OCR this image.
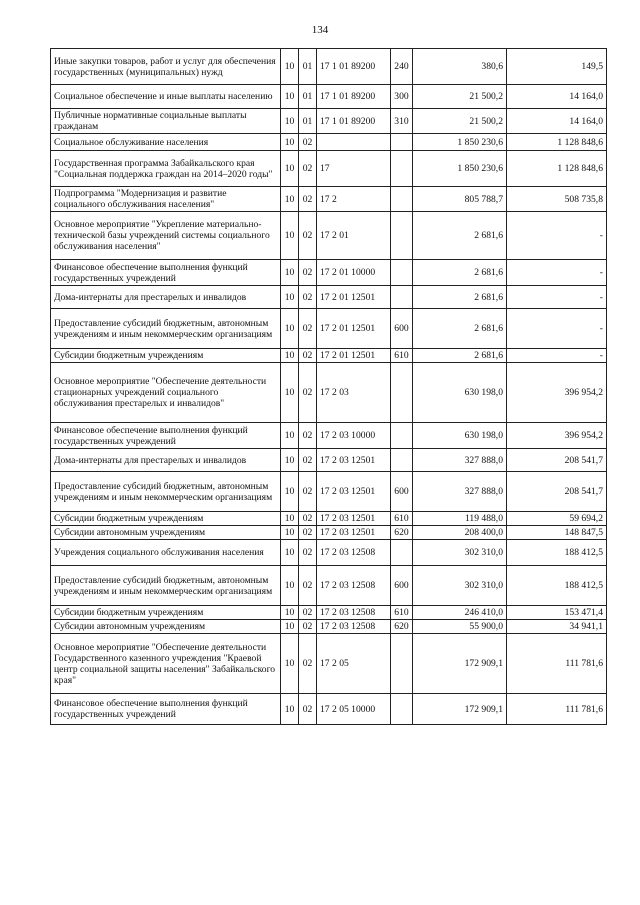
134
Иные закупки товаров, работ и услуг для обеспечения государственных (муниципальных) нужд	10	01	17 1 01 89200	240	380,6	149,5
Социальное обеспечение и иные выплаты населению	10	01	17 1 01 89200	300	21 500,2	14 164,0
Публичные нормативные социальные выплаты гражданам	10	01	17 1 01 89200	310	21 500,2	14 164,0
Социальное обслуживание населения	10	02			1 850 230,6	1 128 848,6
Государственная программа Забайкальского края "Социальная поддержка граждан на 2014–2020 годы"	10	02	17		1 850 230,6	1 128 848,6
Подпрограмма "Модернизация и развитие социального обслуживания населения"	10	02	17 2		805 788,7	508 735,8
Основное мероприятие "Укрепление материально-технической базы учреждений системы социального обслуживания населения"	10	02	17 2 01		2 681,6	-
Финансовое обеспечение выполнения функций государственных учреждений	10	02	17 2 01 10000		2 681,6	-
Дома-интернаты для престарелых и инвалидов	10	02	17 2 01 12501		2 681,6	-
Предоставление субсидий бюджетным, автономным учреждениям и иным некоммерческим организациям	10	02	17 2 01 12501	600	2 681,6	-
Субсидии бюджетным учреждениям	10	02	17 2 01 12501	610	2 681,6	-
Основное мероприятие "Обеспечение деятельности стационарных учреждений социального обслуживания престарелых и инвалидов"	10	02	17 2 03		630 198,0	396 954,2
Финансовое обеспечение выполнения функций государственных учреждений	10	02	17 2 03 10000		630 198,0	396 954,2
Дома-интернаты для престарелых и инвалидов	10	02	17 2 03 12501		327 888,0	208 541,7
Предоставление субсидий бюджетным, автономным учреждениям и иным некоммерческим организациям	10	02	17 2 03 12501	600	327 888,0	208 541,7
Субсидии бюджетным учреждениям	10	02	17 2 03 12501	610	119 488,0	59 694,2
Субсидии автономным учреждениям	10	02	17 2 03 12501	620	208 400,0	148 847,5
Учреждения социального обслуживания населения	10	02	17 2 03 12508		302 310,0	188 412,5
Предоставление субсидий бюджетным, автономным учреждениям и иным некоммерческим организациям	10	02	17 2 03 12508	600	302 310,0	188 412,5
Субсидии бюджетным учреждениям	10	02	17 2 03 12508	610	246 410,0	153 471,4
Субсидии автономным учреждениям	10	02	17 2 03 12508	620	55 900,0	34 941,1
Основное мероприятие "Обеспечение деятельности Государственного казенного учреждения "Краевой центр социальной защиты населения" Забайкальского края"	10	02	17 2 05		172 909,1	111 781,6
Финансовое обеспечение выполнения функций государственных учреждений	10	02	17 2 05 10000		172 909,1	111 781,6
